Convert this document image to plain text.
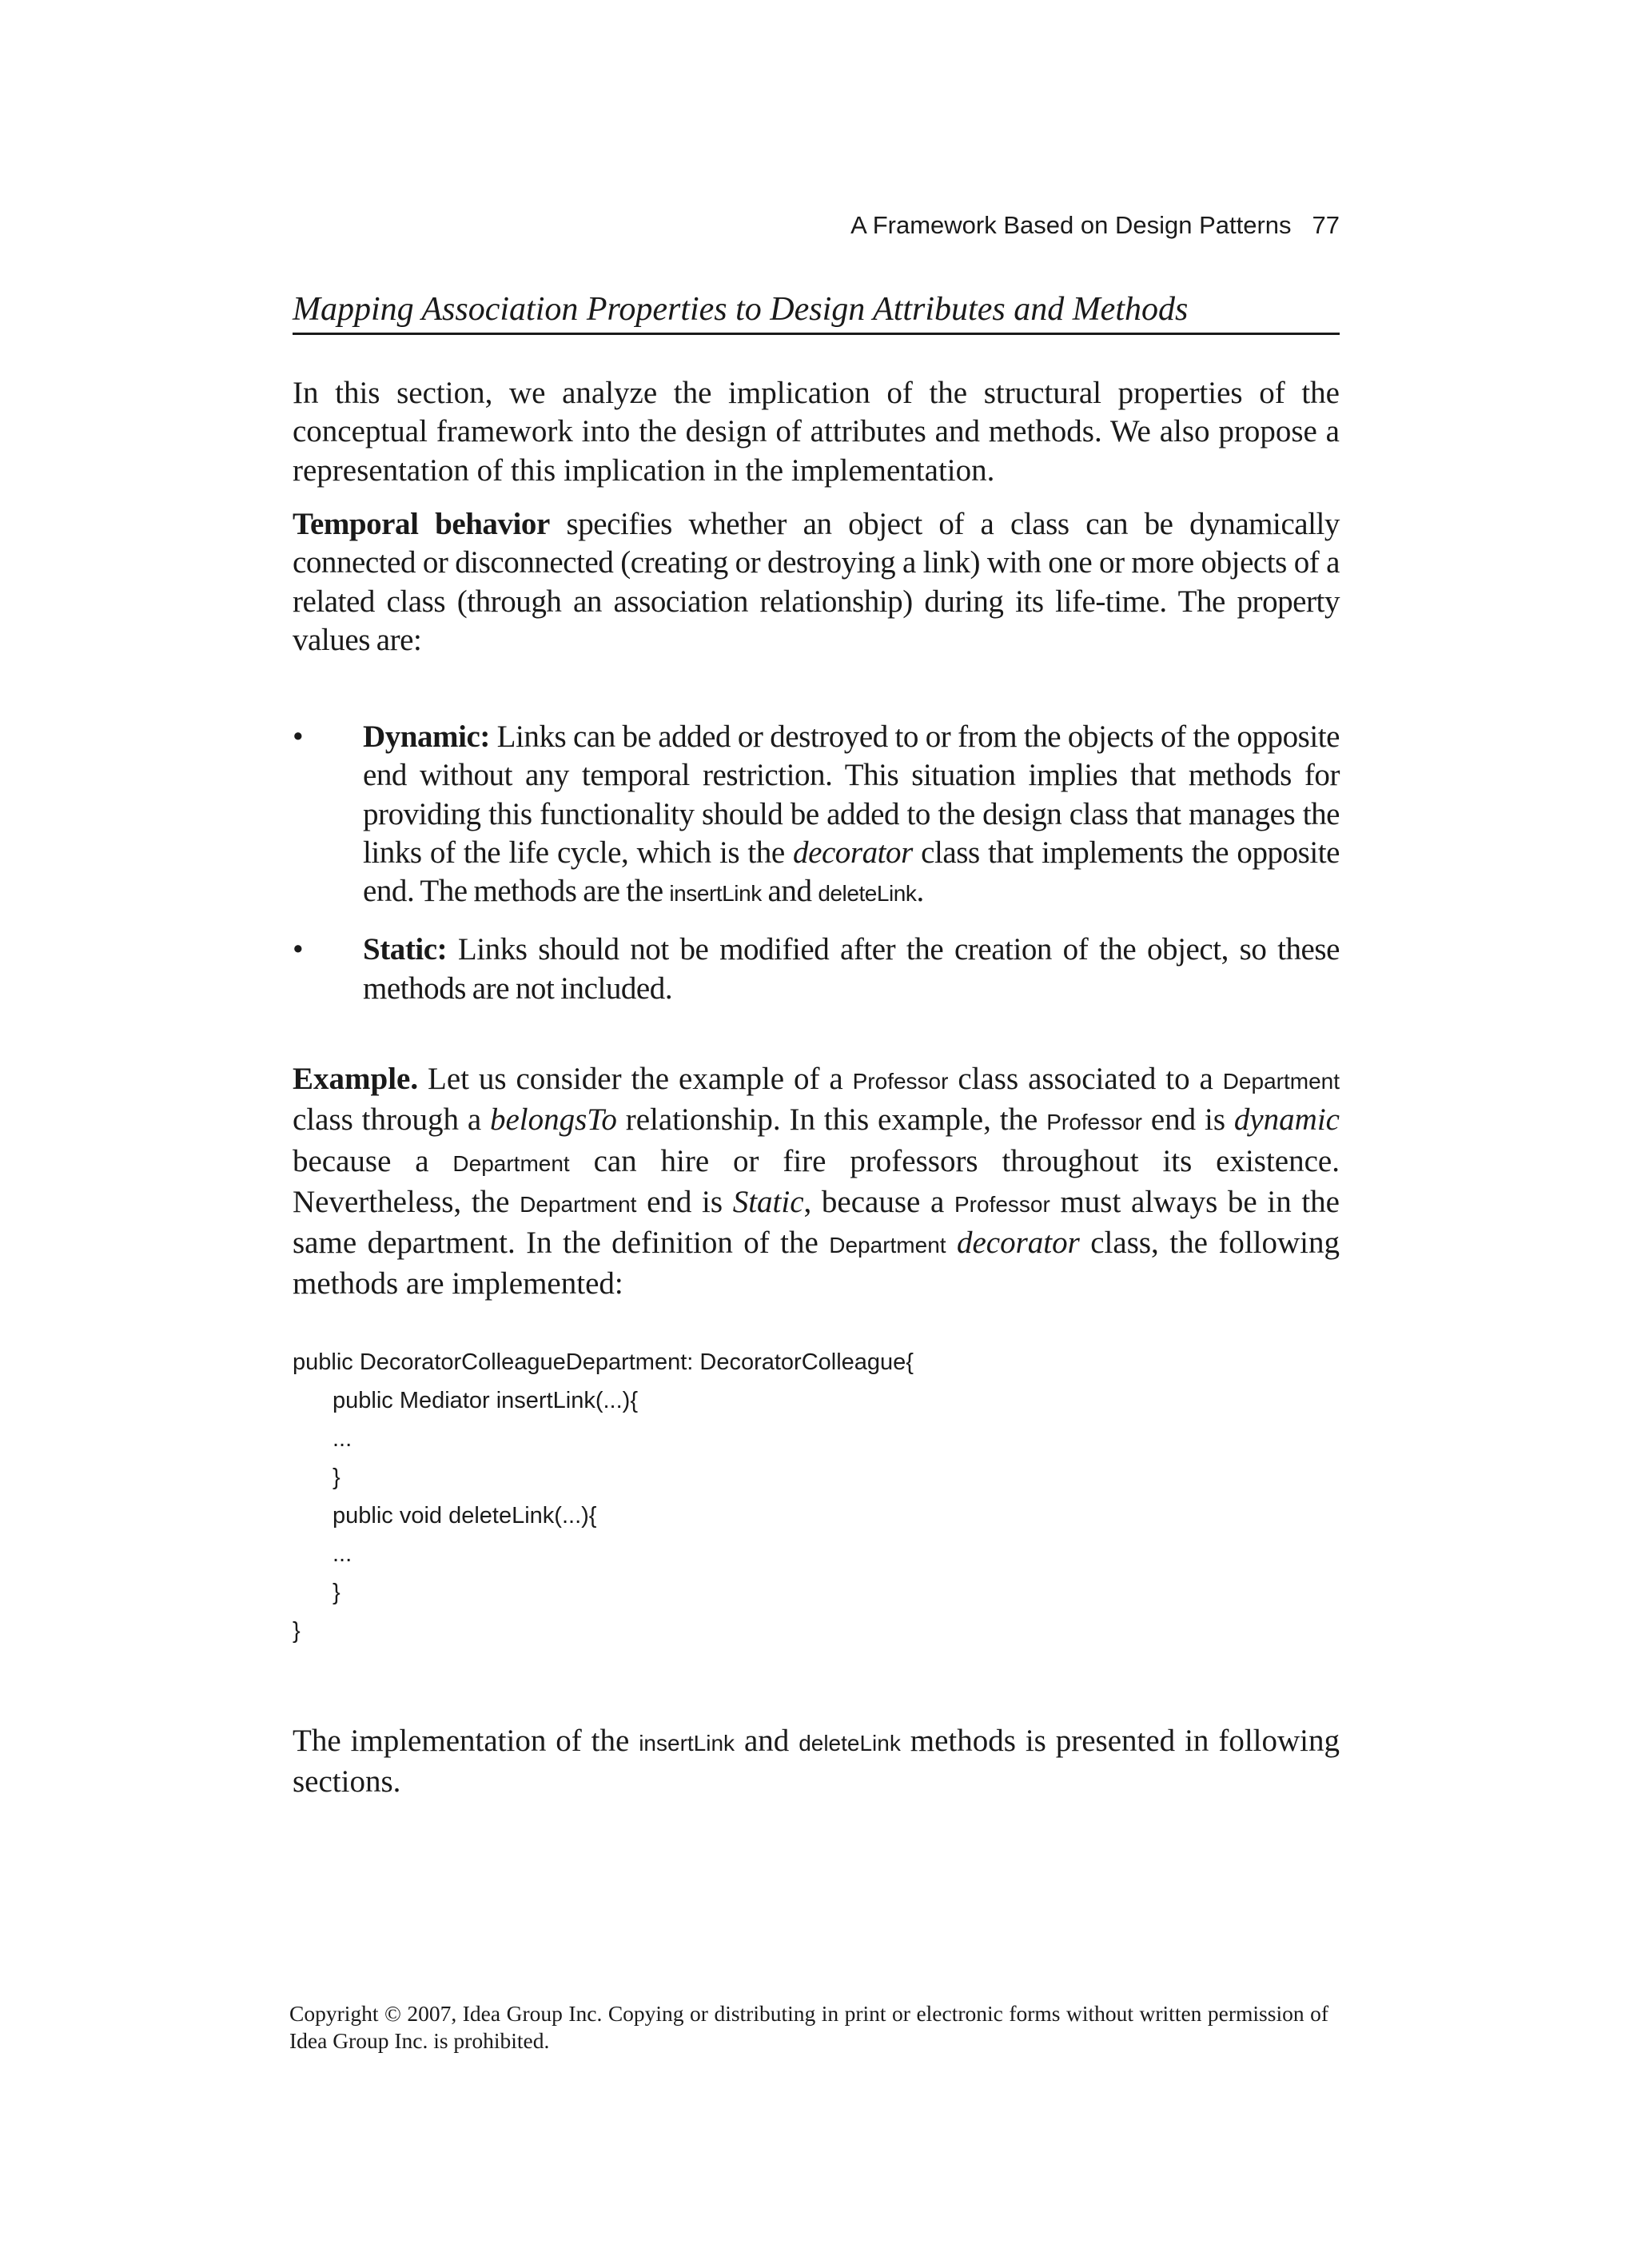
A Framework Based on Design Patterns 77
Mapping Association Properties to Design Attributes and Methods

In this section, we analyze the implication of the structural properties of the conceptual framework into the design of attributes and methods. We also propose a representation of this implication in the implementation.

Temporal behavior specifies whether an object of a class can be dynamically connected or disconnected (creating or destroying a link) with one or more objects of a related class (through an association relationship) during its life-time. The property values are:

• Dynamic: Links can be added or destroyed to or from the objects of the opposite end without any temporal restriction. This situation implies that methods for providing this functionality should be added to the design class that manages the links of the life cycle, which is the decorator class that implements the opposite end. The methods are the insertLink and deleteLink.
• Static: Links should not be modified after the creation of the object, so these methods are not included.

Example. Let us consider the example of a Professor class associated to a Department class through a belongsTo relationship. In this example, the Professor end is dynamic because a Department can hire or fire professors throughout its existence. Nevertheless, the Department end is Static, because a Professor must always be in the same department. In the definition of the Department decorator class, the following methods are implemented:

public DecoratorColleagueDepartment: DecoratorColleague{
public Mediator insertLink(...){
...
}
public void deleteLink(...){
...
}
}

The implementation of the insertLink and deleteLink methods is presented in following sections.

Copyright © 2007, Idea Group Inc. Copying or distributing in print or electronic forms without written permission of Idea Group Inc. is prohibited.
